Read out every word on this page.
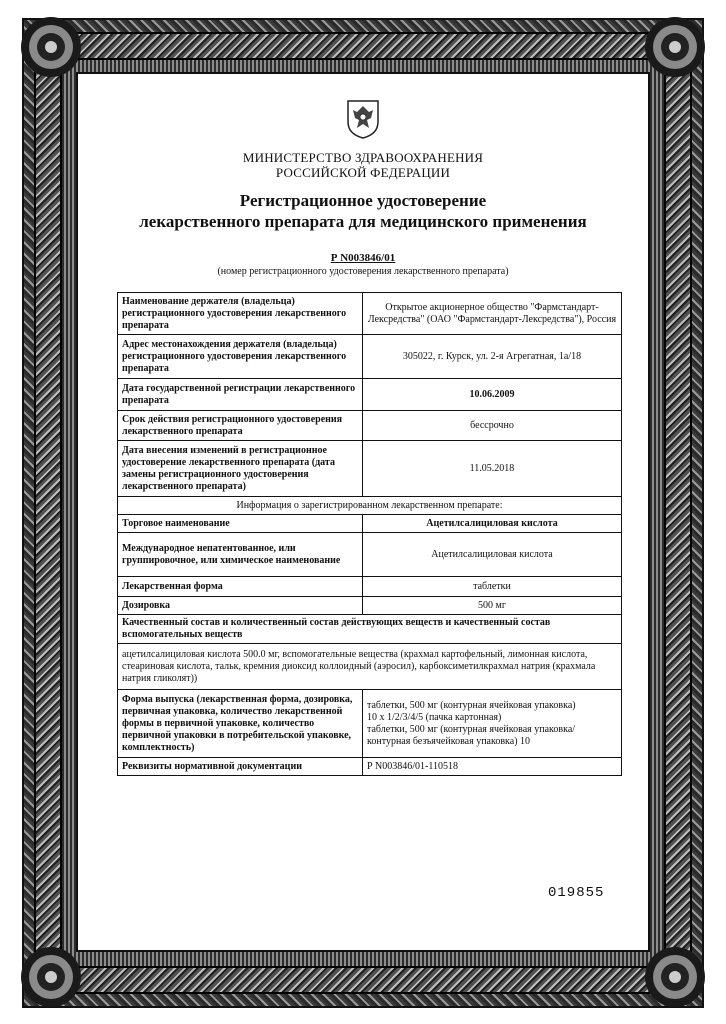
МИНИСТЕРСТВО ЗДРАВООХРАНЕНИЯ
РОССИЙСКОЙ ФЕДЕРАЦИИ
Регистрационное удостоверение
лекарственного препарата для медицинского применения
Р N003846/01
(номер регистрационного удостоверения лекарственного препарата)
Наименование держателя (владельца) регистрационного удостоверения лекарственного препарата	Открытое акционерное общество "Фармстандарт-Лексредства" (ОАО "Фармстандарт-Лексредства"), Россия
Адрес местонахождения держателя (владельца) регистрационного удостоверения лекарственного препарата	305022, г. Курск, ул. 2-я Агрегатная, 1а/18
Дата государственной регистрации лекарственного препарата	10.06.2009
Срок действия регистрационного удостоверения лекарственного препарата	бессрочно
Дата внесения изменений в регистрационное удостоверение лекарственного препарата (дата замены регистрационного удостоверения лекарственного препарата)	11.05.2018
Информация о зарегистрированном лекарственном препарате:	
Торговое наименование	Ацетилсалициловая кислота
Международное непатентованное, или группировочное, или химическое наименование	Ацетилсалициловая кислота
Лекарственная форма	таблетки
Дозировка	500 мг
Качественный состав и количественный состав действующих веществ и качественный состав вспомогательных веществ	
ацетилсалициловая кислота 500.0 мг, вспомогательные вещества (крахмал картофельный, лимонная кислота, стеариновая кислота, тальк, кремния диоксид коллоидный (аэросил), карбоксиметилкрахмал натрия (крахмала натрия гликолят))	
Форма выпуска (лекарственная форма, дозировка, первичная упаковка, количество лекарственной формы в первичной упаковке, количество первичной упаковки в потребительской упаковке, комплектность)	таблетки, 500 мг (контурная ячейковая упаковка)
10 х 1/2/3/4/5 (пачка картонная)
таблетки, 500 мг (контурная ячейковая упаковка/
контурная безъячейковая упаковка) 10

Реквизиты нормативной документации	Р N003846/01-110518
019855
